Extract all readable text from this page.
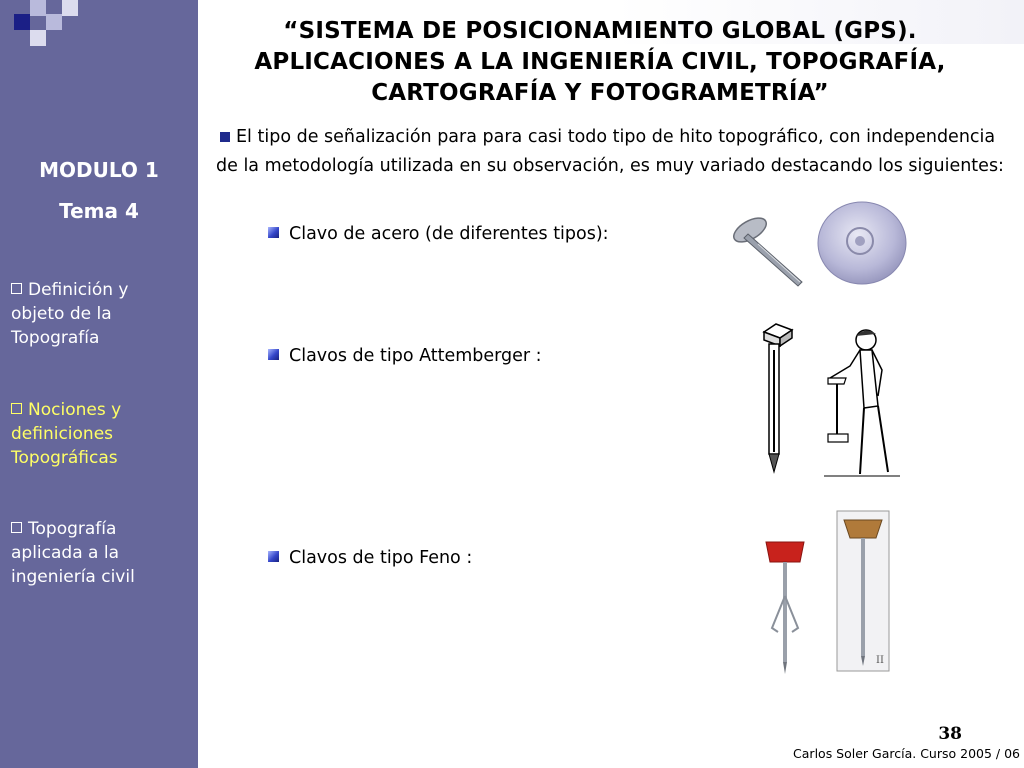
“SISTEMA DE POSICIONAMIENTO GLOBAL (GPS).
APLICACIONES A LA INGENIERÍA CIVIL, TOPOGRAFÍA,
CARTOGRAFÍA Y FOTOGRAMETRÍA”
MODULO 1
Tema 4
Definición y
objeto de la
Topografía
Nociones y
definiciones
Topográficas
Topografía
aplicada a la
ingeniería civil
El tipo de señalización para para casi todo tipo de hito topográfico, con independencia de la metodología utilizada en su observación, es muy variado destacando los siguientes:
Clavo de acero (de diferentes tipos):
Clavos de tipo Attemberger :
Clavos de tipo Feno :
II
38
Carlos Soler García. Curso 2005 / 06
